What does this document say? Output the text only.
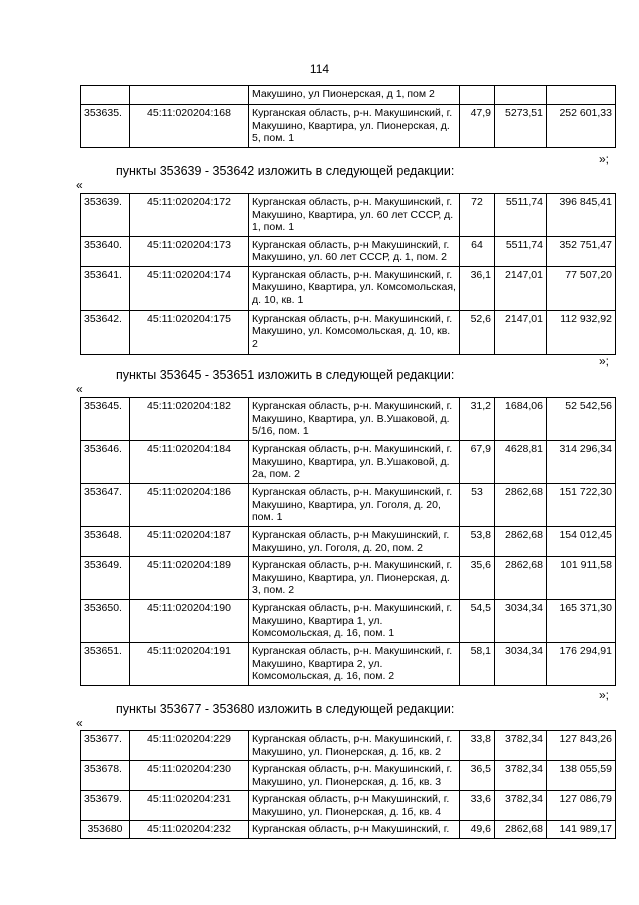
114
		Макушино, ул Пионерская, д 1, пом 2			
353635.	45:11:020204:168	Курганская область, р-н. Макушинский, г. Макушино, Квартира, ул. Пионерская, д. 5, пом. 1	47,9	5273,51	252 601,33
»;
пункты 353639 - 353642 изложить в следующей редакции:
«
353639.	45:11:020204:172	Курганская область, р-н. Макушинский, г. Макушино, Квартира, ул. 60 лет СССР, д. 1, пом. 1	72	5511,74	396 845,41
353640.	45:11:020204:173	Курганская область, р-н Макушинский, г. Макушино, ул. 60 лет СССР, д. 1, пом. 2	64	5511,74	352 751,47
353641.	45:11:020204:174	Курганская область, р-н. Макушинский, г. Макушино, Квартира, ул. Комсомольская, д. 10, кв. 1	36,1	2147,01	77 507,20
353642.	45:11:020204:175	Курганская область, р-н. Макушинский, г. Макушино, ул. Комсомольская, д. 10, кв. 2	52,6	2147,01	112 932,92
»;
пункты 353645 - 353651 изложить в следующей редакции:
«
353645.	45:11:020204:182	Курганская область, р-н. Макушинский, г. Макушино, Квартира, ул. В.Ушаковой, д. 5/16, пом. 1	31,2	1684,06	52 542,56
353646.	45:11:020204:184	Курганская область, р-н. Макушинский, г. Макушино, Квартира, ул. В.Ушаковой, д. 2а, пом. 2	67,9	4628,81	314 296,34
353647.	45:11:020204:186	Курганская область, р-н. Макушинский, г. Макушино, Квартира, ул. Гоголя, д. 20, пом. 1	53	2862,68	151 722,30
353648.	45:11:020204:187	Курганская область, р-н Макушинский, г. Макушино, ул. Гоголя, д. 20, пом. 2	53,8	2862,68	154 012,45
353649.	45:11:020204:189	Курганская область, р-н. Макушинский, г. Макушино, Квартира, ул. Пионерская, д. 3, пом. 2	35,6	2862,68	101 911,58
353650.	45:11:020204:190	Курганская область, р-н. Макушинский, г. Макушино, Квартира 1, ул. Комсомольская, д. 16, пом. 1	54,5	3034,34	165 371,30
353651.	45:11:020204:191	Курганская область, р-н. Макушинский, г. Макушино, Квартира 2, ул. Комсомольская, д. 16, пом. 2	58,1	3034,34	176 294,91
»;
пункты 353677 - 353680 изложить в следующей редакции:
«
353677.	45:11:020204:229	Курганская область, р-н. Макушинский, г. Макушино, ул. Пионерская, д. 1б, кв. 2	33,8	3782,34	127 843,26
353678.	45:11:020204:230	Курганская область, р-н. Макушинский, г. Макушино, ул. Пионерская, д. 1б, кв. 3	36,5	3782,34	138 055,59
353679.	45:11:020204:231	Курганская область, р-н Макушинский, г. Макушино, ул. Пионерская, д. 1б, кв. 4	33,6	3782,34	127 086,79
353680	45:11:020204:232	Курганская область, р-н Макушинский, г.	49,6	2862,68	141 989,17
